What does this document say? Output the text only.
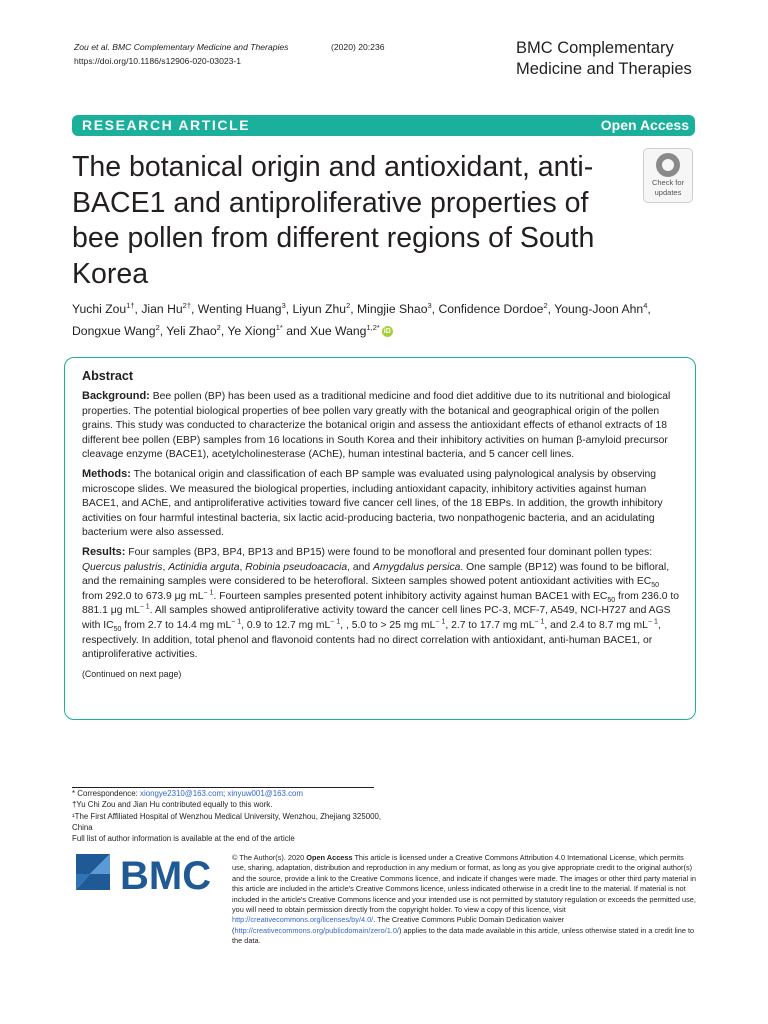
Zou et al. BMC Complementary Medicine and Therapies	(2020) 20:236
https://doi.org/10.1186/s12906-020-03023-1
BMC Complementary
Medicine and Therapies
RESEARCH ARTICLE	Open Access
The botanical origin and antioxidant, anti-BACE1 and antiproliferative properties of bee pollen from different regions of South Korea
Check for
updates
Yuchi Zou$^{1\dagger}$, Jian $Hu^{2\dagger}$, Wenting Huang$^3$, Liyun Zhu$^2$, Mingjie Shao$^3$, Confidence Dordoe$^2$, Young-Joon Ahn$^4$, Dongxue Wang$^2$, Yeli Zhao$^2$, Ye Xiong$^{1*}$ and Xue Wang$^{1,2*}$ iD
Abstract

Background: Bee pollen (BP) has been used as a traditional medicine and food diet additive due to its nutritional and biological properties. The potential biological properties of bee pollen vary greatly with the botanical and geographical origin of the pollen grains. This study was conducted to characterize the botanical origin and assess the antioxidant effects of ethanol extracts of 18 different bee pollen (EBP) samples from 16 locations in South Korea and their inhibitory activities on human β-amyloid precursor cleavage enzyme (BACE1), acetylcholinesterase (AChE), human intestinal bacteria, and 5 cancer cell lines.

Methods: The botanical origin and classification of each BP sample was evaluated using palynological analysis by observing microscope slides. We measured the biological properties, including antioxidant capacity, inhibitory activities against human BACE1, and AChE, and antiproliferative activities toward five cancer cell lines, of the 18 EBPs. In addition, the growth inhibitory activities on four harmful intestinal bacteria, six lactic acid-producing bacteria, two nonpathogenic bacteria, and an acidulating bacterium were also assessed.

Results: Four samples (BP3, BP4, BP13 and BP15) were found to be monofloral and presented four dominant pollen types: Quercus palustris, Actinidia arguta, Robinia pseudoacacia, and Amygdalus persica. One sample (BP12) was found to be bifloral, and the remaining samples were considered to be heterofloral. Sixteen samples showed potent antioxidant activities with $EC_{50}$ from 292.0 to 673.9 μg $mL^{- 1}$. Fourteen samples presented potent inhibitory activity against human BACE1 with $EC_{50}$ from 236.0 to 881.1 μg $mL^{- 1}$. All samples showed antiproliferative activity toward the cancer cell lines PC-3, MCF-7, A549, NCI-H727 and AGS with $IC_{50}$ from 2.7 to 14.4 mg $mL^{- 1}$, 0.9 to 12.7 mg $mL^{- 1}$, , 5.0 to > 25 mg $mL^{- 1}$, 2.7 to 17.7 mg $mL^{- 1}$, and 2.4 to 8.7 mg $mL^{- 1}$, respectively. In addition, total phenol and flavonoid contents had no direct correlation with antioxidant, anti-human BACE1, or antiproliferative activities.

(Continued on next page)

* Correspondence: xiongye2310@163.com; xinyuw001@163.com
†Yu Chi Zou and Jian Hu contributed equally to this work.
¹The First Affiliated Hospital of Wenzhou Medical University, Wenzhou, Zhejiang 325000, China
Full list of author information is available at the end of the article
BMC	© The Author(s). 2020 Open Access This article is licensed under a Creative Commons Attribution 4.0 International License, which permits use, sharing, adaptation, distribution and reproduction in any medium or format, as long as you give appropriate credit to the original author(s) and the source, provide a link to the Creative Commons licence, and indicate if changes were made. The images or other third party material in this article are included in the article's Creative Commons licence, unless indicated otherwise in a credit line to the material. If material is not included in the article's Creative Commons licence and your intended use is not permitted by statutory regulation or exceeds the permitted use, you will need to obtain permission directly from the copyright holder. To view a copy of this licence, visit http://creativecommons.org/licenses/by/4.0/. The Creative Commons Public Domain Dedication waiver (http://creativecommons.org/publicdomain/zero/1.0/) applies to the data made available in this article, unless otherwise stated in a credit line to the data.
